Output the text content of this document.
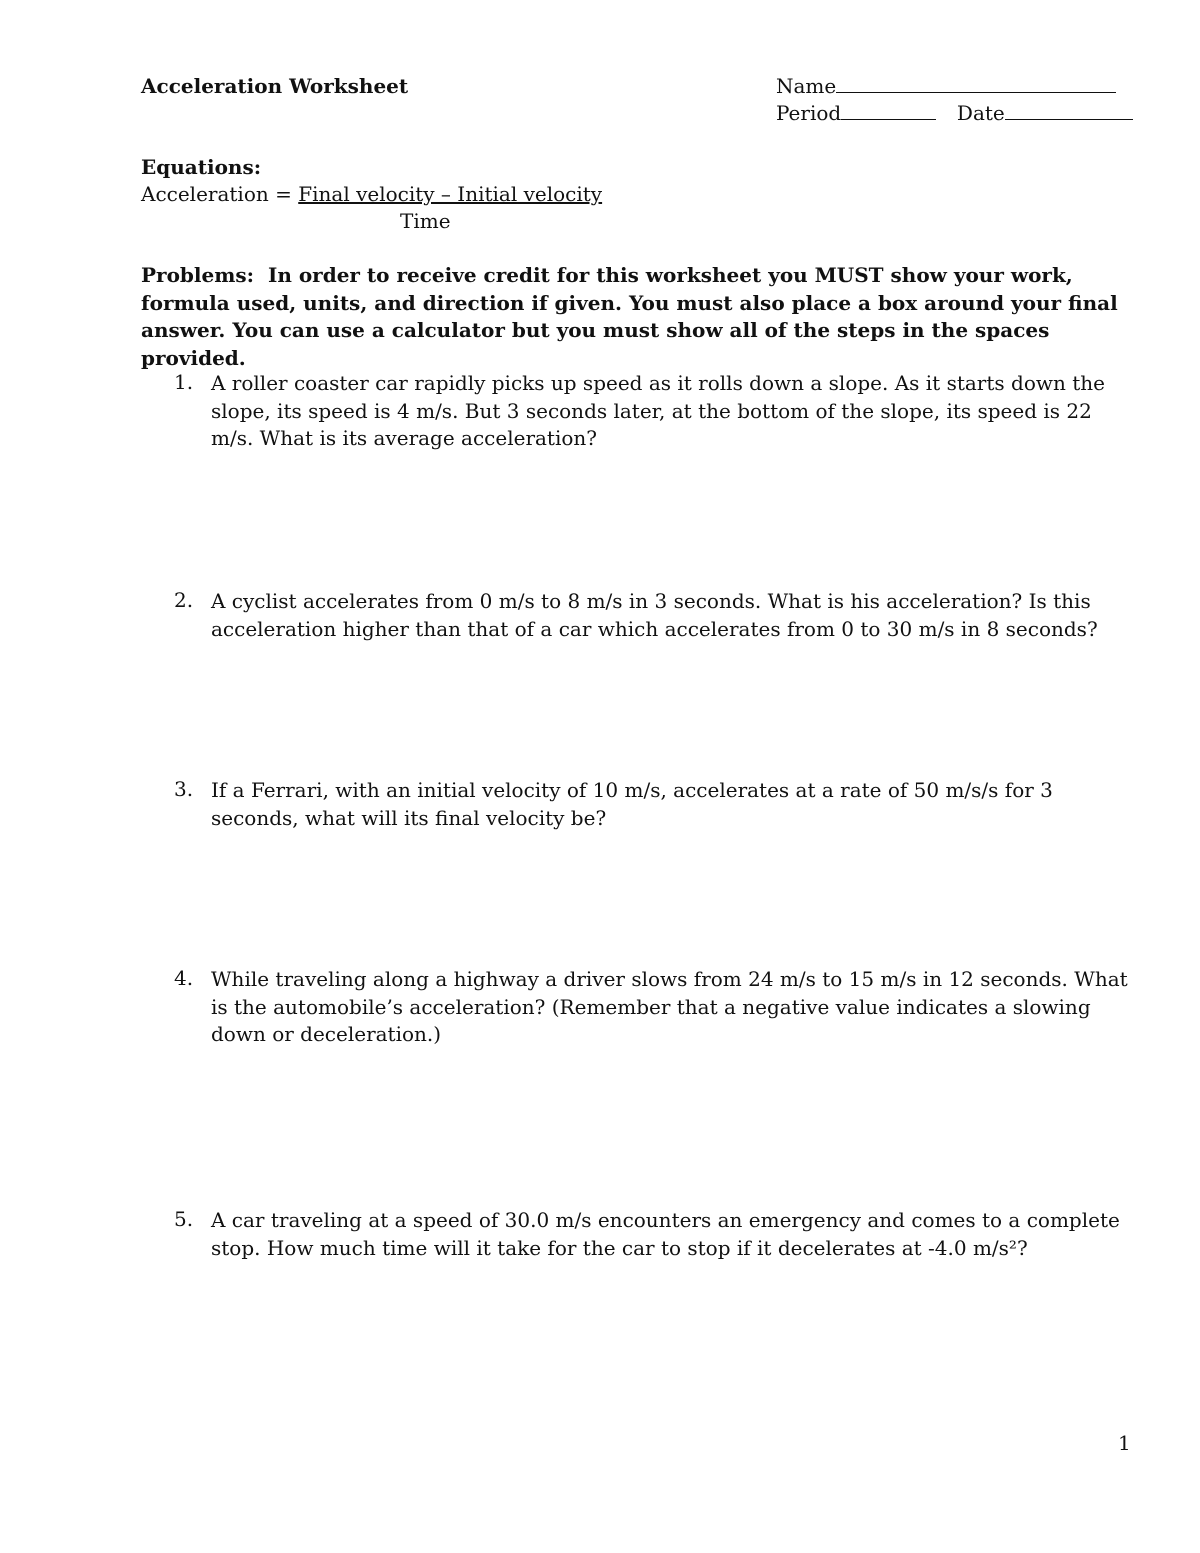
Acceleration Worksheet	Name
Period	Date
Equations:
Acceleration = Final velocity – Initial velocity
Time
Problems: In order to receive credit for this worksheet you MUST show your work, formula used, units, and direction if given. You must also place a box around your final answer. You can use a calculator but you must show all of the steps in the spaces provided.
1. A roller coaster car rapidly picks up speed as it rolls down a slope. As it starts down the slope, its speed is 4 m/s. But 3 seconds later, at the bottom of the slope, its speed is 22 m/s. What is its average acceleration?
2. A cyclist accelerates from 0 m/s to 8 m/s in 3 seconds. What is his acceleration? Is this acceleration higher than that of a car which accelerates from 0 to 30 m/s in 8 seconds?
3. If a Ferrari, with an initial velocity of 10 m/s, accelerates at a rate of 50 m/s/s for 3 seconds, what will its final velocity be?
4. While traveling along a highway a driver slows from 24 m/s to 15 m/s in 12 seconds. What is the automobile’s acceleration? (Remember that a negative value indicates a slowing down or deceleration.)
5. A car traveling at a speed of 30.0 m/s encounters an emergency and comes to a complete stop. How much time will it take for the car to stop if it decelerates at -4.0 m/s²?
1
